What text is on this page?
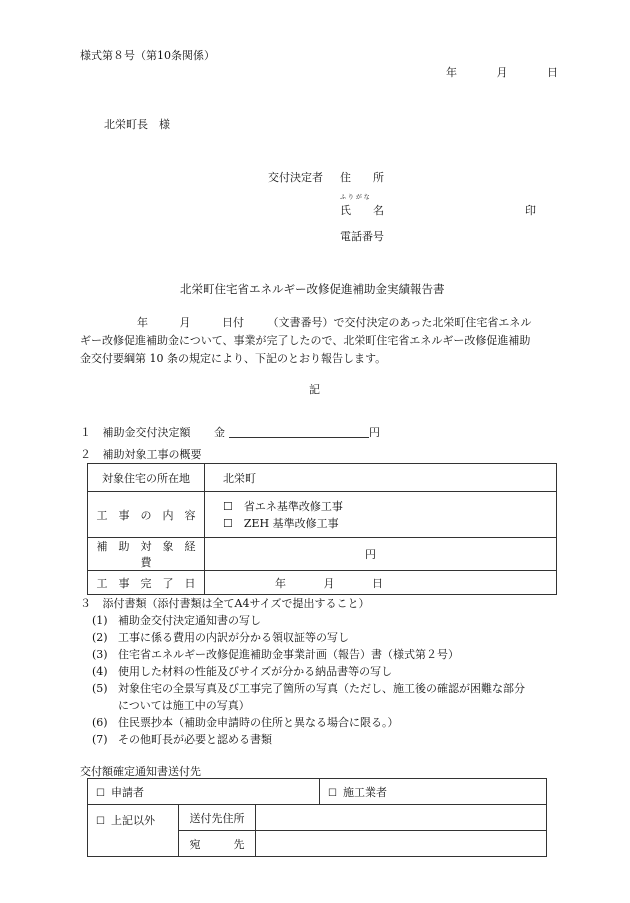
様式第８号（第10条関係）
年	月	日
北栄町長　様
交付決定者 住　　所
ふ り が な
氏　　名	印
電話番号
北栄町住宅省エネルギー改修促進補助金実績報告書
年	月	日付 （文書番号）で交付決定のあった北栄町住宅省エネル
ギー改修促進補助金について、事業が完了したので、北栄町住宅省エネルギー改修促進補助
金交付要綱第 10 条の規定により、下記のとおり報告します。
記
１ 補助金交付決定額 金	円
２ 補助対象工事の概要
対象住宅の所在地	北栄町
工　事　の　内　容	☐　省エネ基準改修工事
☐　ZEH 基準改修工事

補　助　対　象　経　費	円
工　事　完　了　日	年 月 日
３ 添付書類（添付書類は全てA4サイズで提出すること）
(1) 補助金交付決定通知書の写し
(2) 工事に係る費用の内訳が分かる領収証等の写し
(3) 住宅省エネルギー改修促進補助金事業計画（報告）書（様式第２号）
(4) 使用した材料の性能及びサイズが分かる納品書等の写し
(5) 対象住宅の全景写真及び工事完了箇所の写真（ただし、施工後の確認が困難な部分
については施工中の写真）
(6) 住民票抄本（補助金申請時の住所と異なる場合に限る。）
(7) その他町長が必要と認める書類
交付額確定通知書送付先
☐ 申請者			☐ 施工業者
☐ 上記以外	送付先住所		
	宛　　　先		
